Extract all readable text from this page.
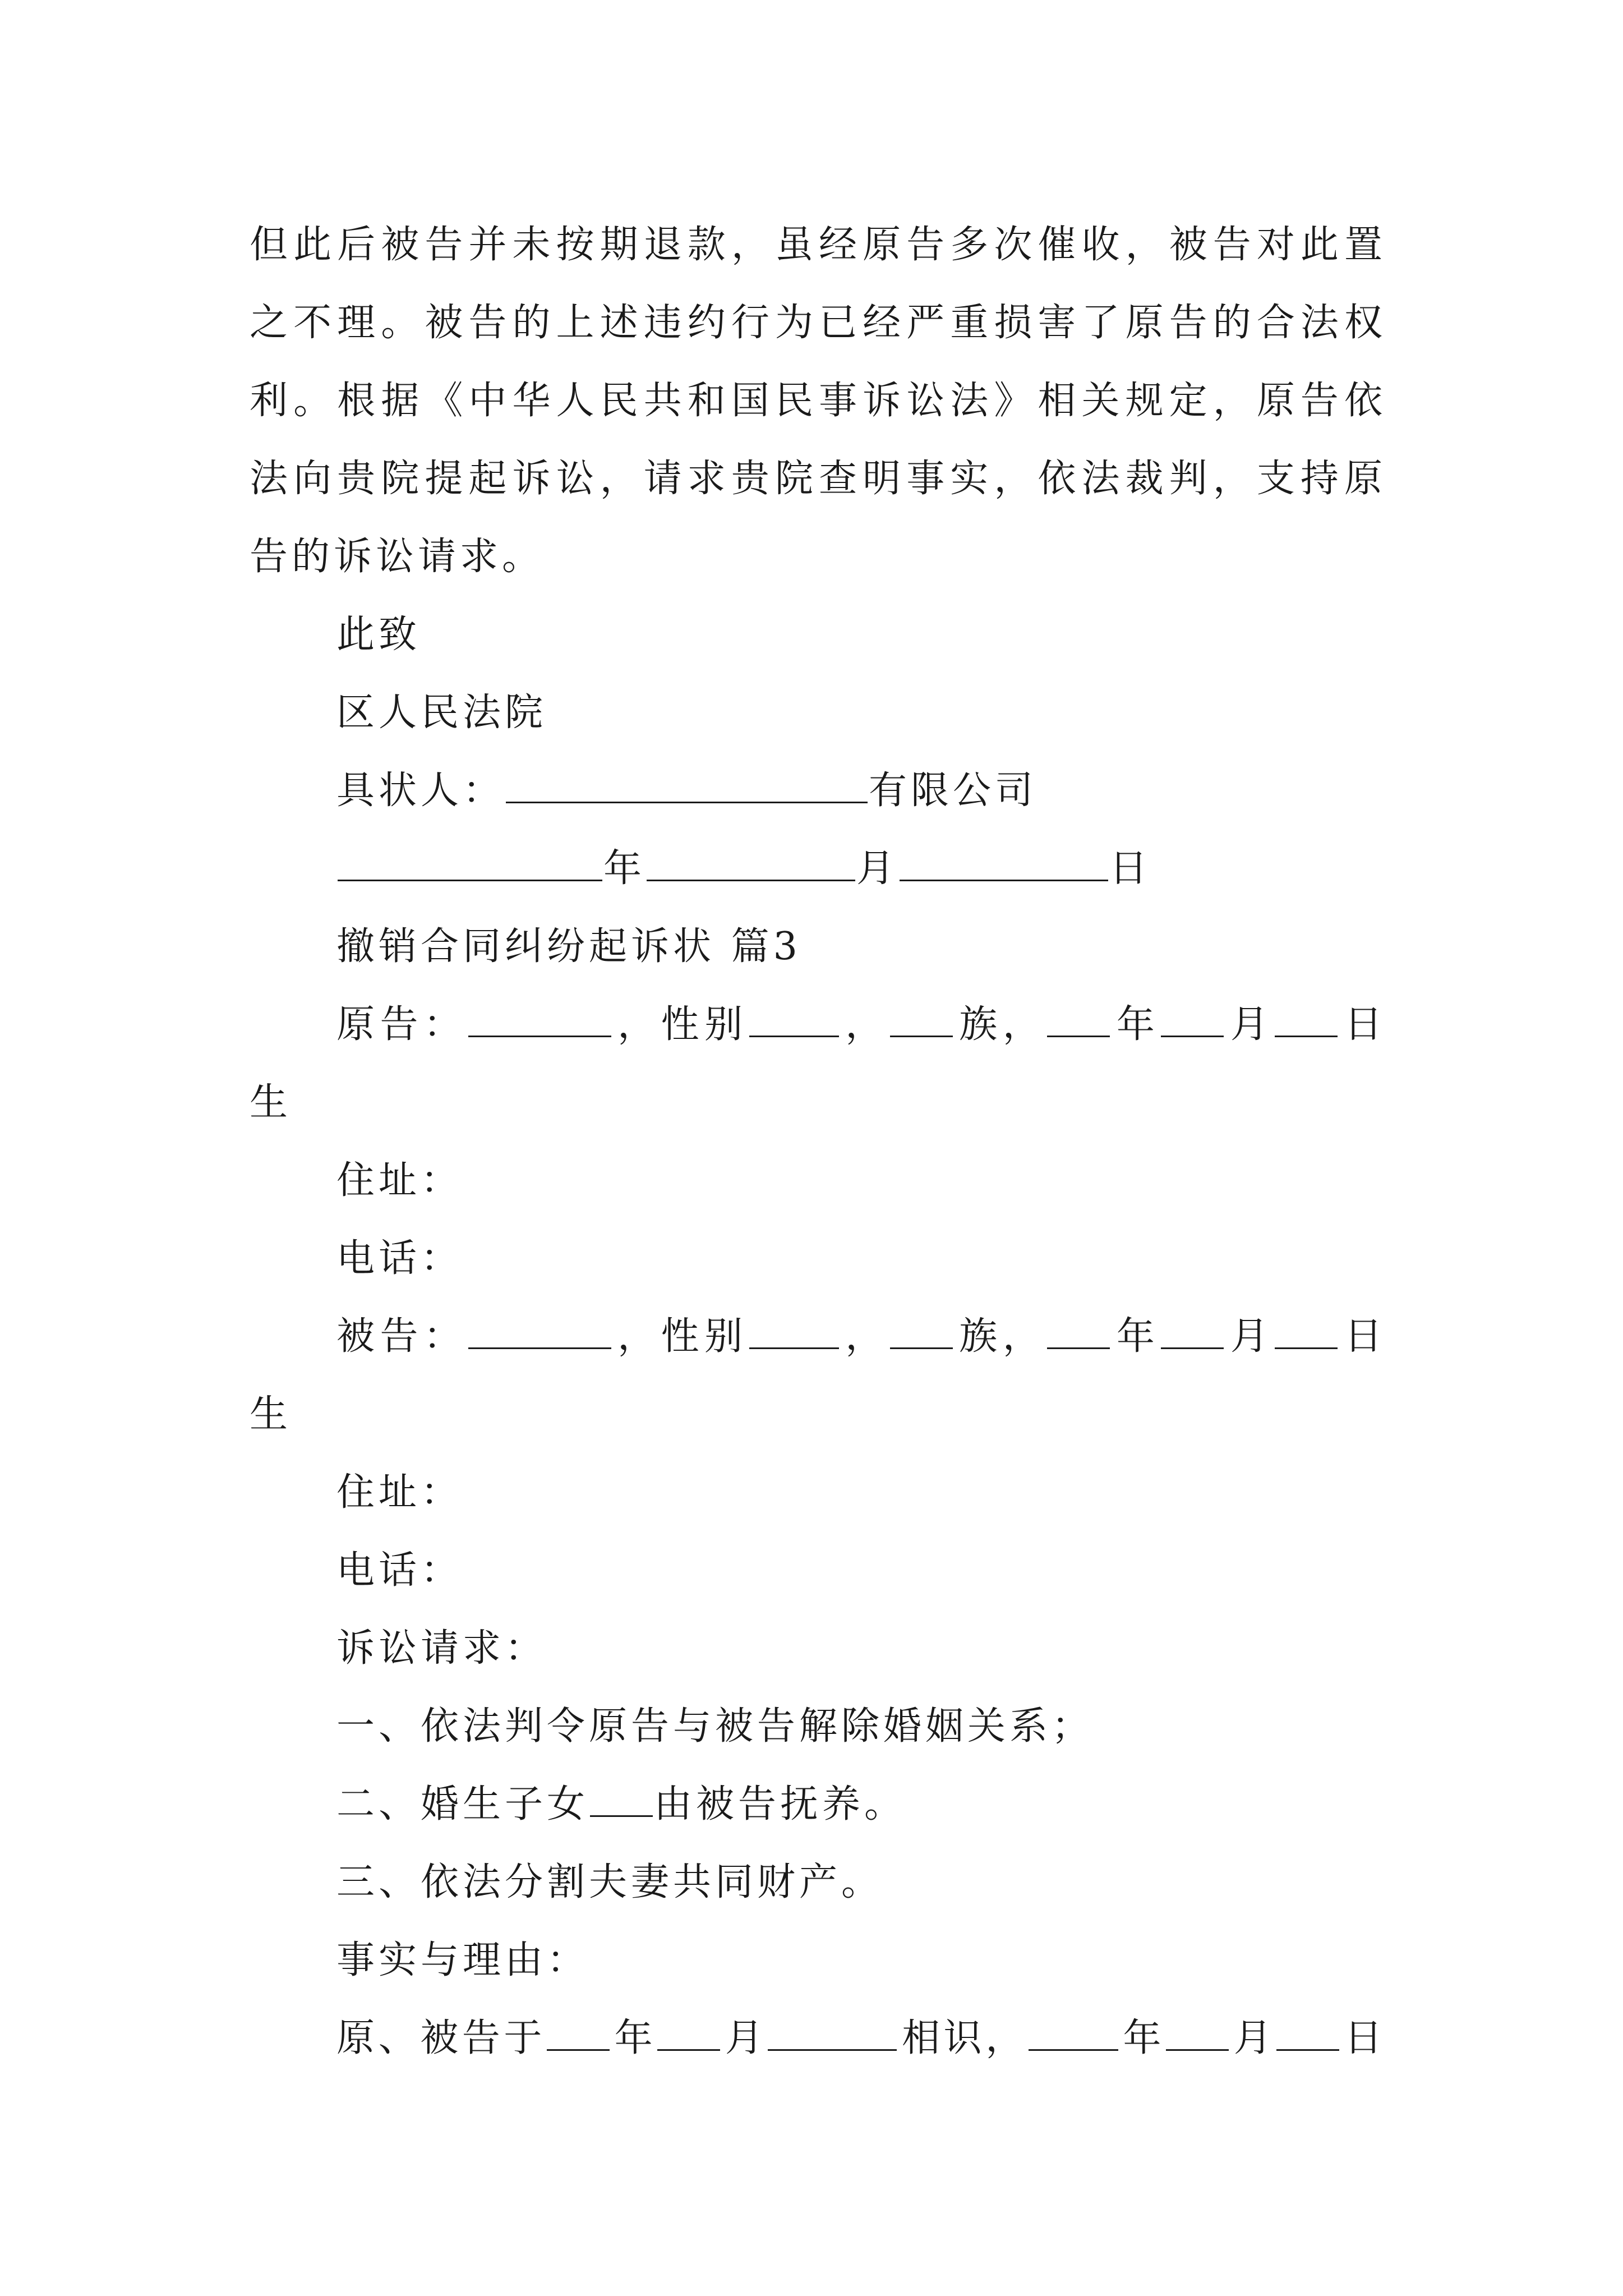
但此后被告并未按期退款，虽经原告多次催收，被告对此置
之不理。被告的上述违约行为已经严重损害了原告的合法权
利。根据《中华人民共和国民事诉讼法》相关规定，原告依
法向贵院提起诉讼，请求贵院查明事实，依法裁判，支持原
告的诉讼请求。
此致
区人民法院
具状人：	有限公司
年	月	日
撤销合同纠纷起诉状 篇3
原告：	，性别 ， 族， 年 月 日
生
住址：
电话：
被告：	，性别 ， 族， 年 月 日
生
住址：
电话：
诉讼请求：
一、依法判令原告与被告解除婚姻关系；
二、婚生子女 由被告抚养。
三、依法分割夫妻共同财产。
事实与理由：
原、被告于 年 月	相识， 年 月 日
